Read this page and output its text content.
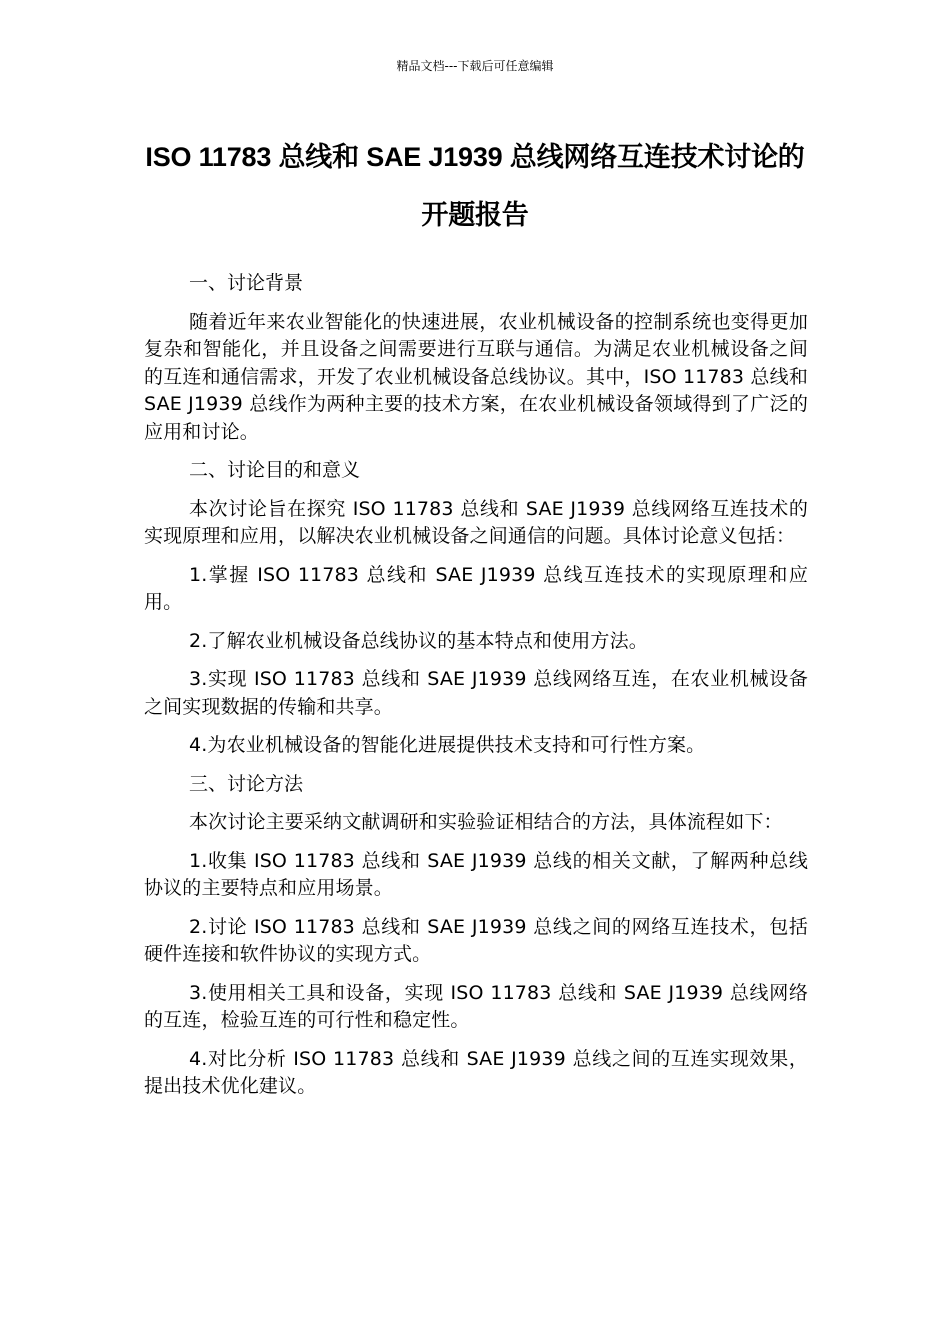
精品文档---下载后可任意编辑
ISO 11783 总线和 SAE J1939 总线网络互连技术讨论的开题报告

一、讨论背景

随着近年来农业智能化的快速进展，农业机械设备的控制系统也变得更加复杂和智能化，并且设备之间需要进行互联与通信。为满足农业机械设备之间的互连和通信需求，开发了农业机械设备总线协议。其中，ISO 11783 总线和 SAE J1939 总线作为两种主要的技术方案，在农业机械设备领域得到了广泛的应用和讨论。

二、讨论目的和意义

本次讨论旨在探究 ISO 11783 总线和 SAE J1939 总线网络互连技术的实现原理和应用，以解决农业机械设备之间通信的问题。具体讨论意义包括：

1.掌握 ISO 11783 总线和 SAE J1939 总线互连技术的实现原理和应用。

2.了解农业机械设备总线协议的基本特点和使用方法。

3.实现 ISO 11783 总线和 SAE J1939 总线网络互连，在农业机械设备之间实现数据的传输和共享。

4.为农业机械设备的智能化进展提供技术支持和可行性方案。

三、讨论方法

本次讨论主要采纳文献调研和实验验证相结合的方法，具体流程如下：

1.收集 ISO 11783 总线和 SAE J1939 总线的相关文献，了解两种总线协议的主要特点和应用场景。

2.讨论 ISO 11783 总线和 SAE J1939 总线之间的网络互连技术，包括硬件连接和软件协议的实现方式。

3.使用相关工具和设备，实现 ISO 11783 总线和 SAE J1939 总线网络的互连，检验互连的可行性和稳定性。

4.对比分析 ISO 11783 总线和 SAE J1939 总线之间的互连实现效果，提出技术优化建议。
